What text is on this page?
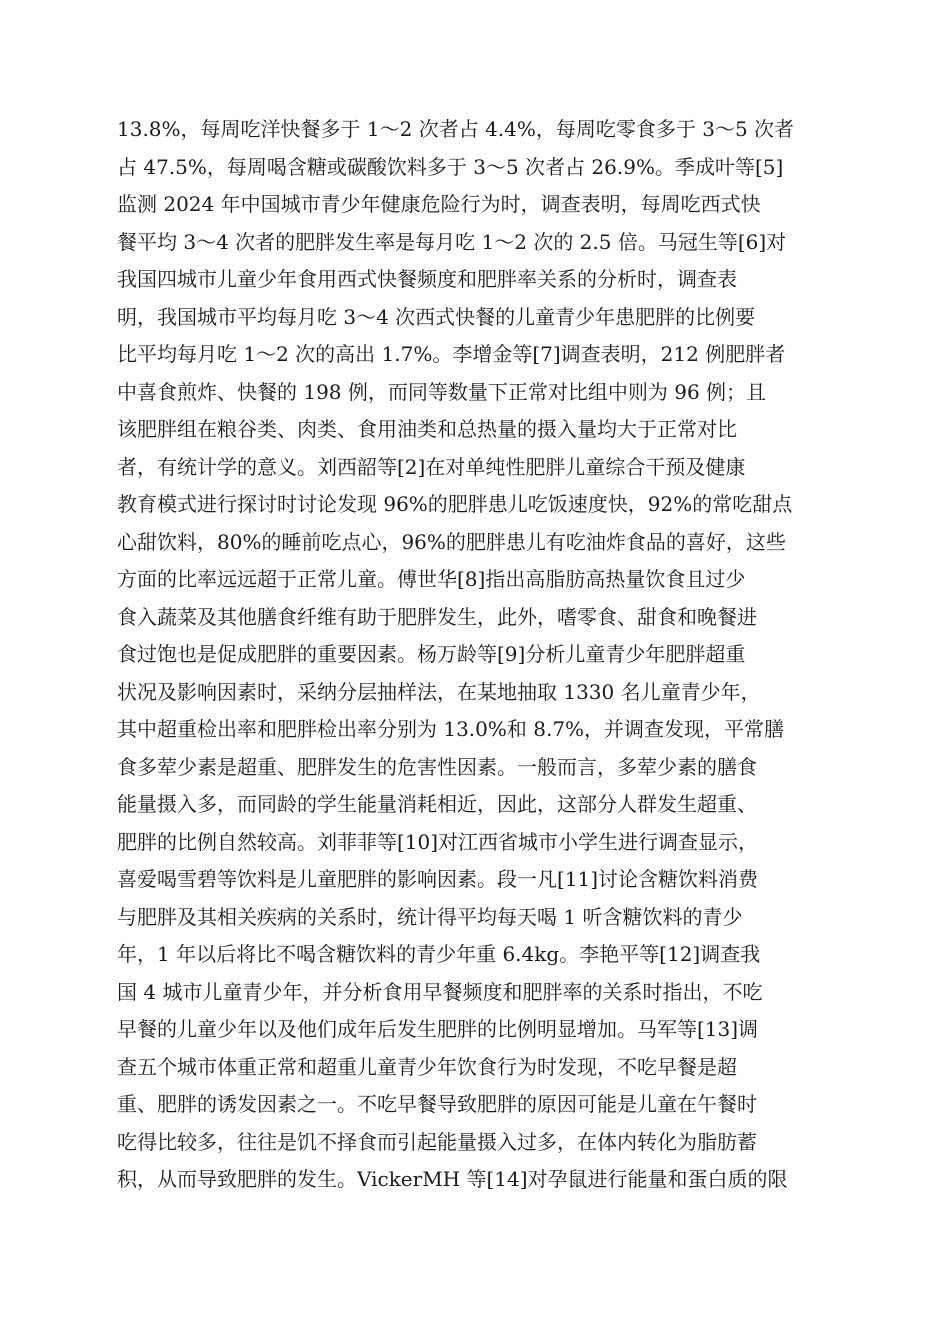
13.8%，每周吃洋快餐多于 1～2 次者占 4.4%，每周吃零食多于 3～5 次者
占 47.5%，每周喝含糖或碳酸饮料多于 3～5 次者占 26.9%。季成叶等[5]
监测 2024 年中国城市青少年健康危险行为时，调查表明，每周吃西式快
餐平均 3～4 次者的肥胖发生率是每月吃 1～2 次的 2.5 倍。马冠生等[6]对
我国四城市儿童少年食用西式快餐频度和肥胖率关系的分析时，调查表
明，我国城市平均每月吃 3～4 次西式快餐的儿童青少年患肥胖的比例要
比平均每月吃 1～2 次的高出 1.7%。李增金等[7]调查表明，212 例肥胖者
中喜食煎炸、快餐的 198 例，而同等数量下正常对比组中则为 96 例；且
该肥胖组在粮谷类、肉类、食用油类和总热量的摄入量均大于正常对比
者，有统计学的意义。刘西韶等[2]在对单纯性肥胖儿童综合干预及健康
教育模式进行探讨时讨论发现 96%的肥胖患儿吃饭速度快，92%的常吃甜点
心甜饮料，80%的睡前吃点心，96%的肥胖患儿有吃油炸食品的喜好，这些
方面的比率远远超于正常儿童。傅世华[8]指出高脂肪高热量饮食且过少
食入蔬菜及其他膳食纤维有助于肥胖发生，此外，嗜零食、甜食和晚餐进
食过饱也是促成肥胖的重要因素。杨万龄等[9]分析儿童青少年肥胖超重
状况及影响因素时，采纳分层抽样法，在某地抽取 1330 名儿童青少年，
其中超重检出率和肥胖检出率分别为 13.0%和 8.7%，并调查发现，平常膳
食多荤少素是超重、肥胖发生的危害性因素。一般而言，多荤少素的膳食
能量摄入多，而同龄的学生能量消耗相近，因此，这部分人群发生超重、
肥胖的比例自然较高。刘菲菲等[10]对江西省城市小学生进行调查显示，
喜爱喝雪碧等饮料是儿童肥胖的影响因素。段一凡[11]讨论含糖饮料消费
与肥胖及其相关疾病的关系时，统计得平均每天喝 1 听含糖饮料的青少
年，1 年以后将比不喝含糖饮料的青少年重 6.4kg。李艳平等[12]调查我
国 4 城市儿童青少年，并分析食用早餐频度和肥胖率的关系时指出，不吃
早餐的儿童少年以及他们成年后发生肥胖的比例明显增加。马军等[13]调
查五个城市体重正常和超重儿童青少年饮食行为时发现，不吃早餐是超
重、肥胖的诱发因素之一。不吃早餐导致肥胖的原因可能是儿童在午餐时
吃得比较多，往往是饥不择食而引起能量摄入过多，在体内转化为脂肪蓄
积，从而导致肥胖的发生。VickerMH 等[14]对孕鼠进行能量和蛋白质的限
